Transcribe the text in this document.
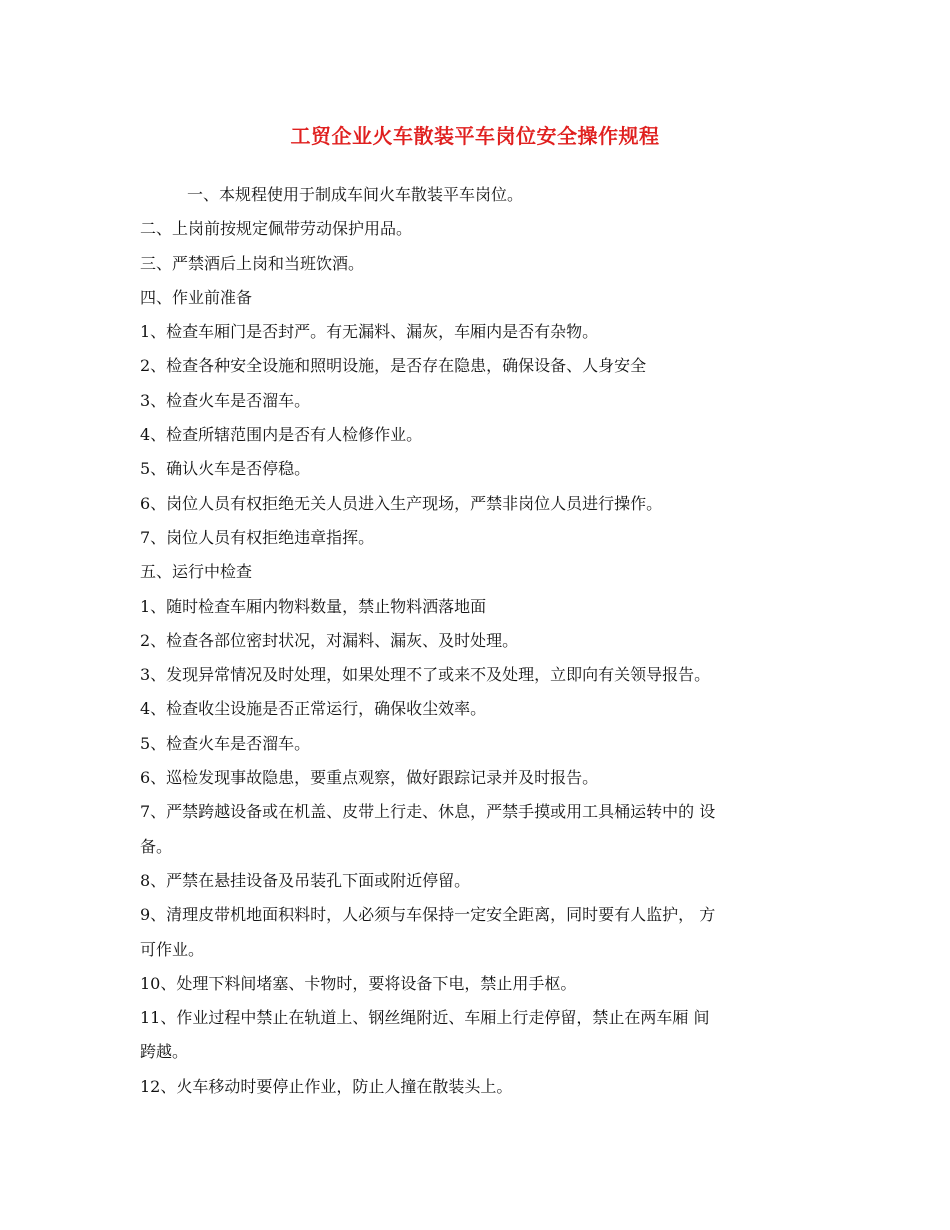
工贸企业火车散装平车岗位安全操作规程

一、本规程使用于制成车间火车散装平车岗位。

二、上岗前按规定佩带劳动保护用品。

三、严禁酒后上岗和当班饮酒。

四、作业前准备

1、检查车厢门是否封严。有无漏料、漏灰，车厢内是否有杂物。

2、检查各种安全设施和照明设施，是否存在隐患，确保设备、人身安全

3、检查火车是否溜车。

4、检查所辖范围内是否有人检修作业。

5、确认火车是否停稳。

6、岗位人员有权拒绝无关人员进入生产现场，严禁非岗位人员进行操作。

7、岗位人员有权拒绝违章指挥。

五、运行中检查

1、随时检查车厢内物料数量，禁止物料洒落地面

2、检查各部位密封状况，对漏料、漏灰、及时处理。

3、发现异常情况及时处理，如果处理不了或来不及处理，立即向有关领导报告。

4、检查收尘设施是否正常运行，确保收尘效率。

5、检查火车是否溜车。

6、巡检发现事故隐患，要重点观察，做好跟踪记录并及时报告。

7、严禁跨越设备或在机盖、皮带上行走、休息，严禁手摸或用工具桶运转中的 设

备。

8、严禁在悬挂设备及吊装孔下面或附近停留。

9、清理皮带机地面积料时，人必须与车保持一定安全距离，同时要有人监护， 方

可作业。

10、处理下料间堵塞、卡物时，要将设备下电，禁止用手枢。

11、作业过程中禁止在轨道上、钢丝绳附近、车厢上行走停留，禁止在两车厢 间

跨越。

12、火车移动时要停止作业，防止人撞在散装头上。
